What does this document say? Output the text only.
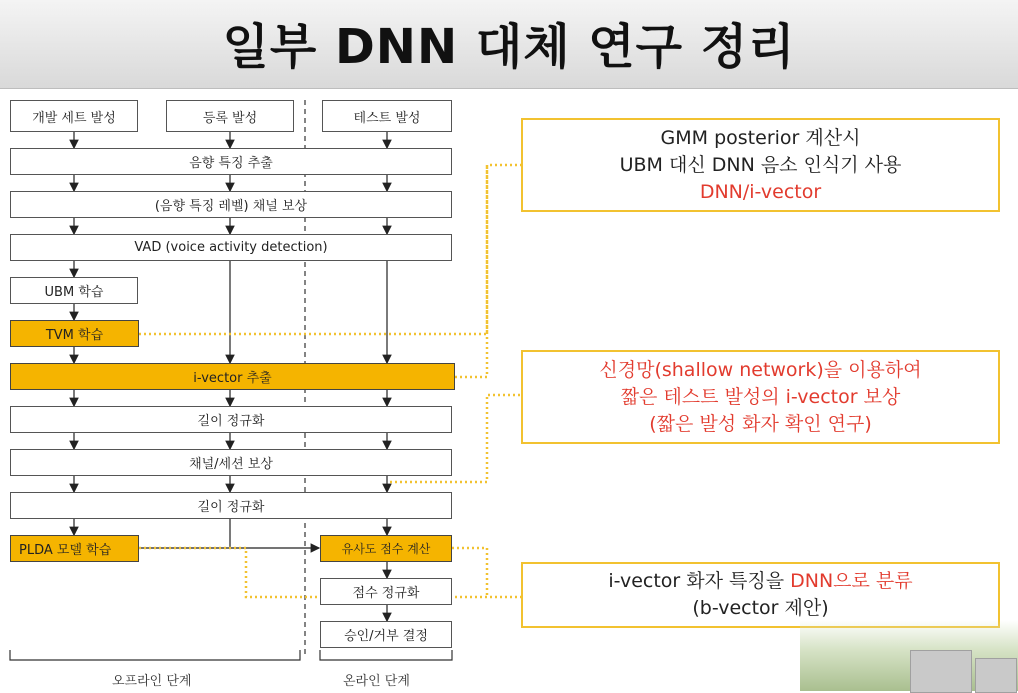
일부 DNN 대체 연구 정리
개발 세트 발성	등록 발성	테스트 발성
음향 특징 추출
(음향 특징 레벨) 채널 보상
VAD (voice activity detection)
UBM 학습
TVM 학습
i-vector 추출
길이 정규화
채널/세션 보상
길이 정규화
PLDA 모델 학습	유사도 점수 계산
점수 정규화
승인/거부 결정
오프라인 단계	온라인 단계
GMM posterior 계산시
UBM 대신 DNN 음소 인식기 사용
DNN/i-vector
신경망(shallow network)을 이용하여
짧은 테스트 발성의 i-vector 보상
(짧은 발성 화자 확인 연구)
i-vector 화자 특징을 DNN으로 분류
(b-vector 제안)
